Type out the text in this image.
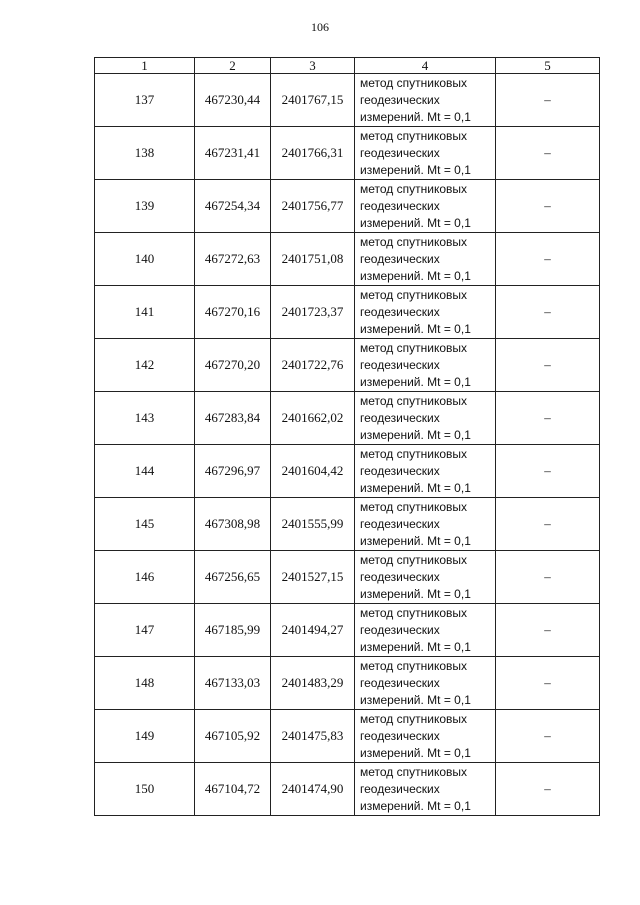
106
1	2	3	4	5
137	467230,44	2401767,15	метод спутниковых
геодезических
измерений. Mt = 0,1	–
138	467231,41	2401766,31	метод спутниковых
геодезических
измерений. Mt = 0,1	–
139	467254,34	2401756,77	метод спутниковых
геодезических
измерений. Mt = 0,1	–
140	467272,63	2401751,08	метод спутниковых
геодезических
измерений. Mt = 0,1	–
141	467270,16	2401723,37	метод спутниковых
геодезических
измерений. Mt = 0,1	–
142	467270,20	2401722,76	метод спутниковых
геодезических
измерений. Mt = 0,1	–
143	467283,84	2401662,02	метод спутниковых
геодезических
измерений. Mt = 0,1	–
144	467296,97	2401604,42	метод спутниковых
геодезических
измерений. Mt = 0,1	–
145	467308,98	2401555,99	метод спутниковых
геодезических
измерений. Mt = 0,1	–
146	467256,65	2401527,15	метод спутниковых
геодезических
измерений. Mt = 0,1	–
147	467185,99	2401494,27	метод спутниковых
геодезических
измерений. Mt = 0,1	–
148	467133,03	2401483,29	метод спутниковых
геодезических
измерений. Mt = 0,1	–
149	467105,92	2401475,83	метод спутниковых
геодезических
измерений. Mt = 0,1	–
150	467104,72	2401474,90	метод спутниковых
геодезических
измерений. Mt = 0,1	–
